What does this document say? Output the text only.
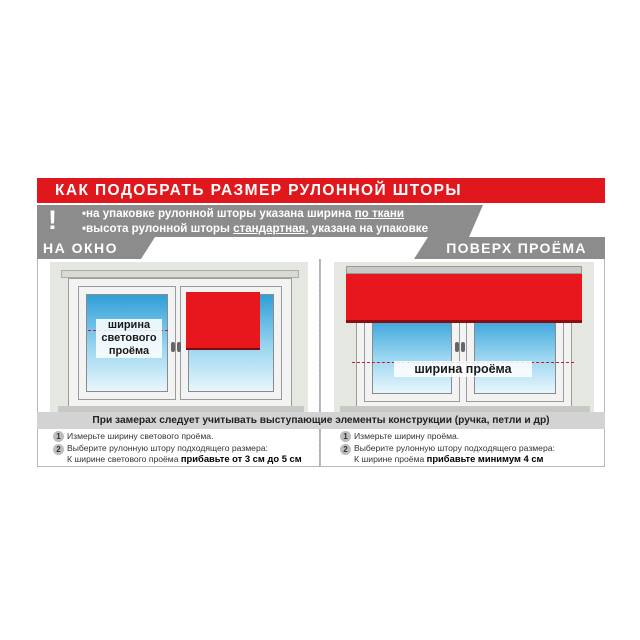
КАК ПОДОБРАТЬ РАЗМЕР РУЛОННОЙ ШТОРЫ
! •на упаковке рулонной шторы указана ширина по ткани
•высота рулонной шторы стандартная, указана на упаковке
НА ОКНО	ПОВЕРХ ПРОЁМА
ширина
светового
проёма
ширина проёма
При замерах следует учитывать выступающие элементы конструкции (ручка, петли и др)
1 Измерьте ширину светового проёма.
2 Выберите рулонную штору подходящего размера:
К ширине светового проёма прибавьте от 3 см до 5 см
1 Измерьте ширину проёма.
2 Выберите рулонную штору подходящего размера:
К ширине проёма прибавьте минимум 4 см
